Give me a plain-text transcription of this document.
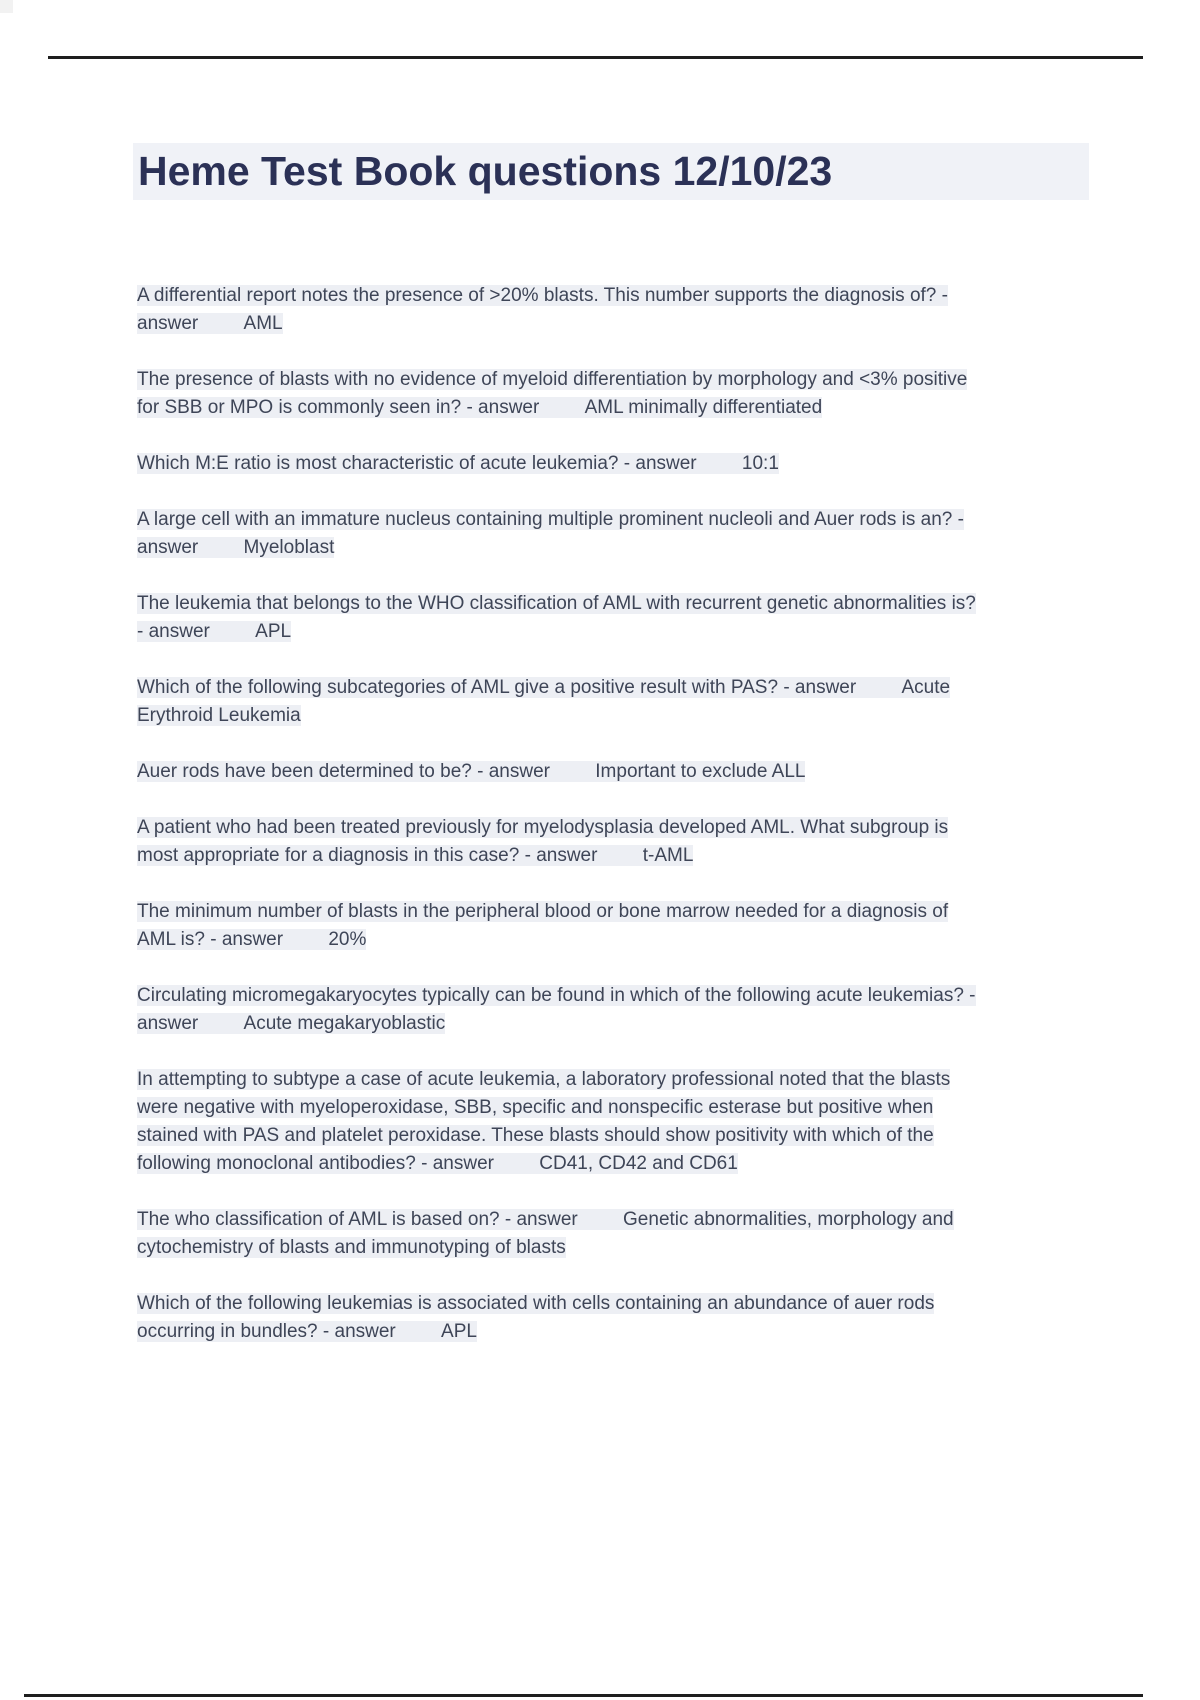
Heme Test Book questions 12/10/23

A differential report notes the presence of >20% blasts. This number supports the diagnosis of? - answer AML

The presence of blasts with no evidence of myeloid differentiation by morphology and <3% positive for SBB or MPO is commonly seen in? - answer AML minimally differentiated

Which M:E ratio is most characteristic of acute leukemia? - answer 10:1

A large cell with an immature nucleus containing multiple prominent nucleoli and Auer rods is an? - answer Myeloblast

The leukemia that belongs to the WHO classification of AML with recurrent genetic abnormalities is? - answer APL

Which of the following subcategories of AML give a positive result with PAS? - answer Acute Erythroid Leukemia

Auer rods have been determined to be? - answer Important to exclude ALL

A patient who had been treated previously for myelodysplasia developed AML. What subgroup is most appropriate for a diagnosis in this case? - answer t-AML

The minimum number of blasts in the peripheral blood or bone marrow needed for a diagnosis of AML is? - answer 20%

Circulating micromegakaryocytes typically can be found in which of the following acute leukemias? - answer Acute megakaryoblastic

In attempting to subtype a case of acute leukemia, a laboratory professional noted that the blasts were negative with myeloperoxidase, SBB, specific and nonspecific esterase but positive when stained with PAS and platelet peroxidase. These blasts should show positivity with which of the following monoclonal antibodies? - answer CD41, CD42 and CD61

The who classification of AML is based on? - answer Genetic abnormalities, morphology and cytochemistry of blasts and immunotyping of blasts

Which of the following leukemias is associated with cells containing an abundance of auer rods occurring in bundles? - answer APL
